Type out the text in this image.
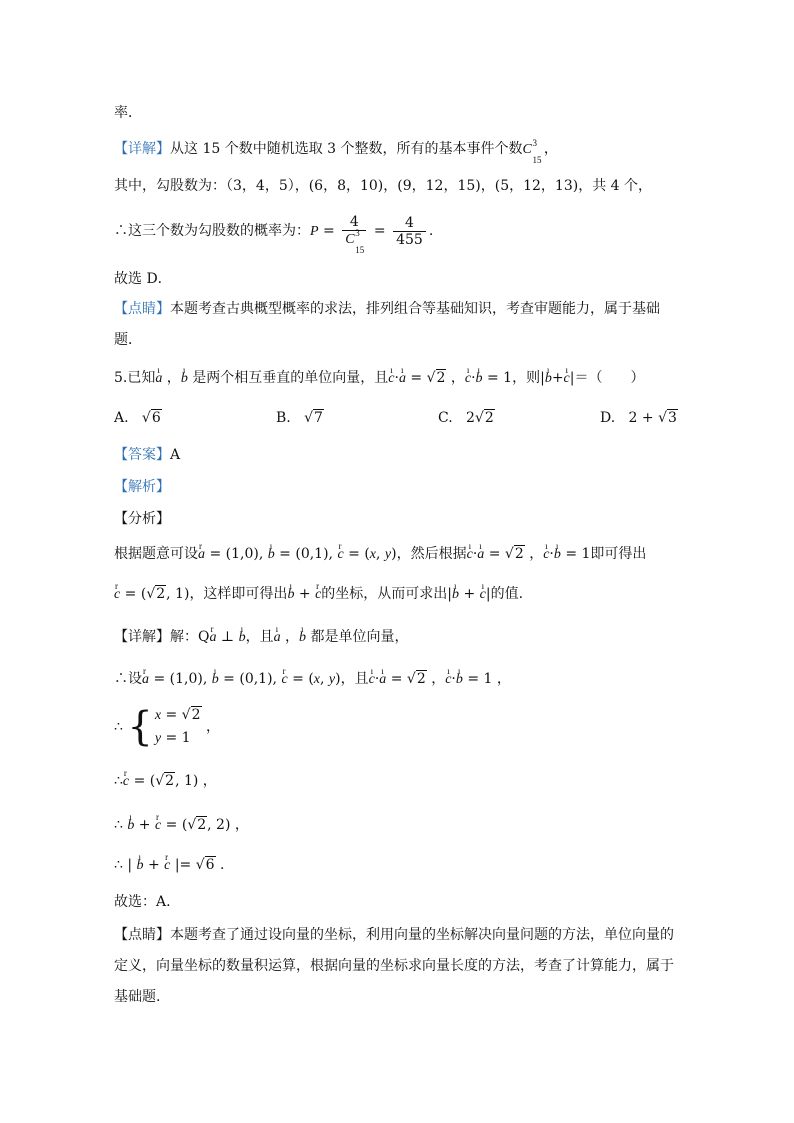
率．
【详解】从这 15 个数中随机选取 3 个整数，所有的基本事件个数C 3
15
，
其中，勾股数为：（3，4，5），(6，8，10)，(9，12，15)，(5，12，13)，共 4 个，
∴这三个数为勾股数的概率为：P = 4
C 3
15
= $\frac{4}{455}$ .
故选 D．
【点睛】本题考查古典概型概率的求法，排列组合等基础知识，考查审题能力，属于基础
题．
5.已知ı a ，ı b 是两个相互垂直的单位向量，且ı c·ı a = √2 ，ı c·ı b = 1，则|ı b+ı c|＝（　　）
A. √6	B. √7	C.   2√2	D.   2 + √3
【答案】A
【解析】
【分析】
根据题意可设r a = (1,0), ı b = (0,1), r c = (x, y)，然后根据ı c·ı a = √2 ，ı c·ı b = 1即可得出
r c = (√2, 1)，这样即可得出ı b + r c的坐标，从而可求出|ı b + ı c|的值.
【详解】解：Qr a ⊥ ı b，且ı a ，ı b 都是单位向量，
∴设r a = (1,0), ı b = (0,1), r c = (x, y)，且ı c·ı a = √2 ，ı c·ı b = 1 ，
∴ { x = √2
y = 1 ，
∴r c = (√2, 1) ，
∴ ı b + r c = (√2, 2) ，
∴ | ı b + r c |= √6 .
故选：A.
【点睛】本题考查了通过设向量的坐标，利用向量的坐标解决向量问题的方法，单位向量的
定义，向量坐标的数量积运算，根据向量的坐标求向量长度的方法，考查了计算能力，属于
基础题.
